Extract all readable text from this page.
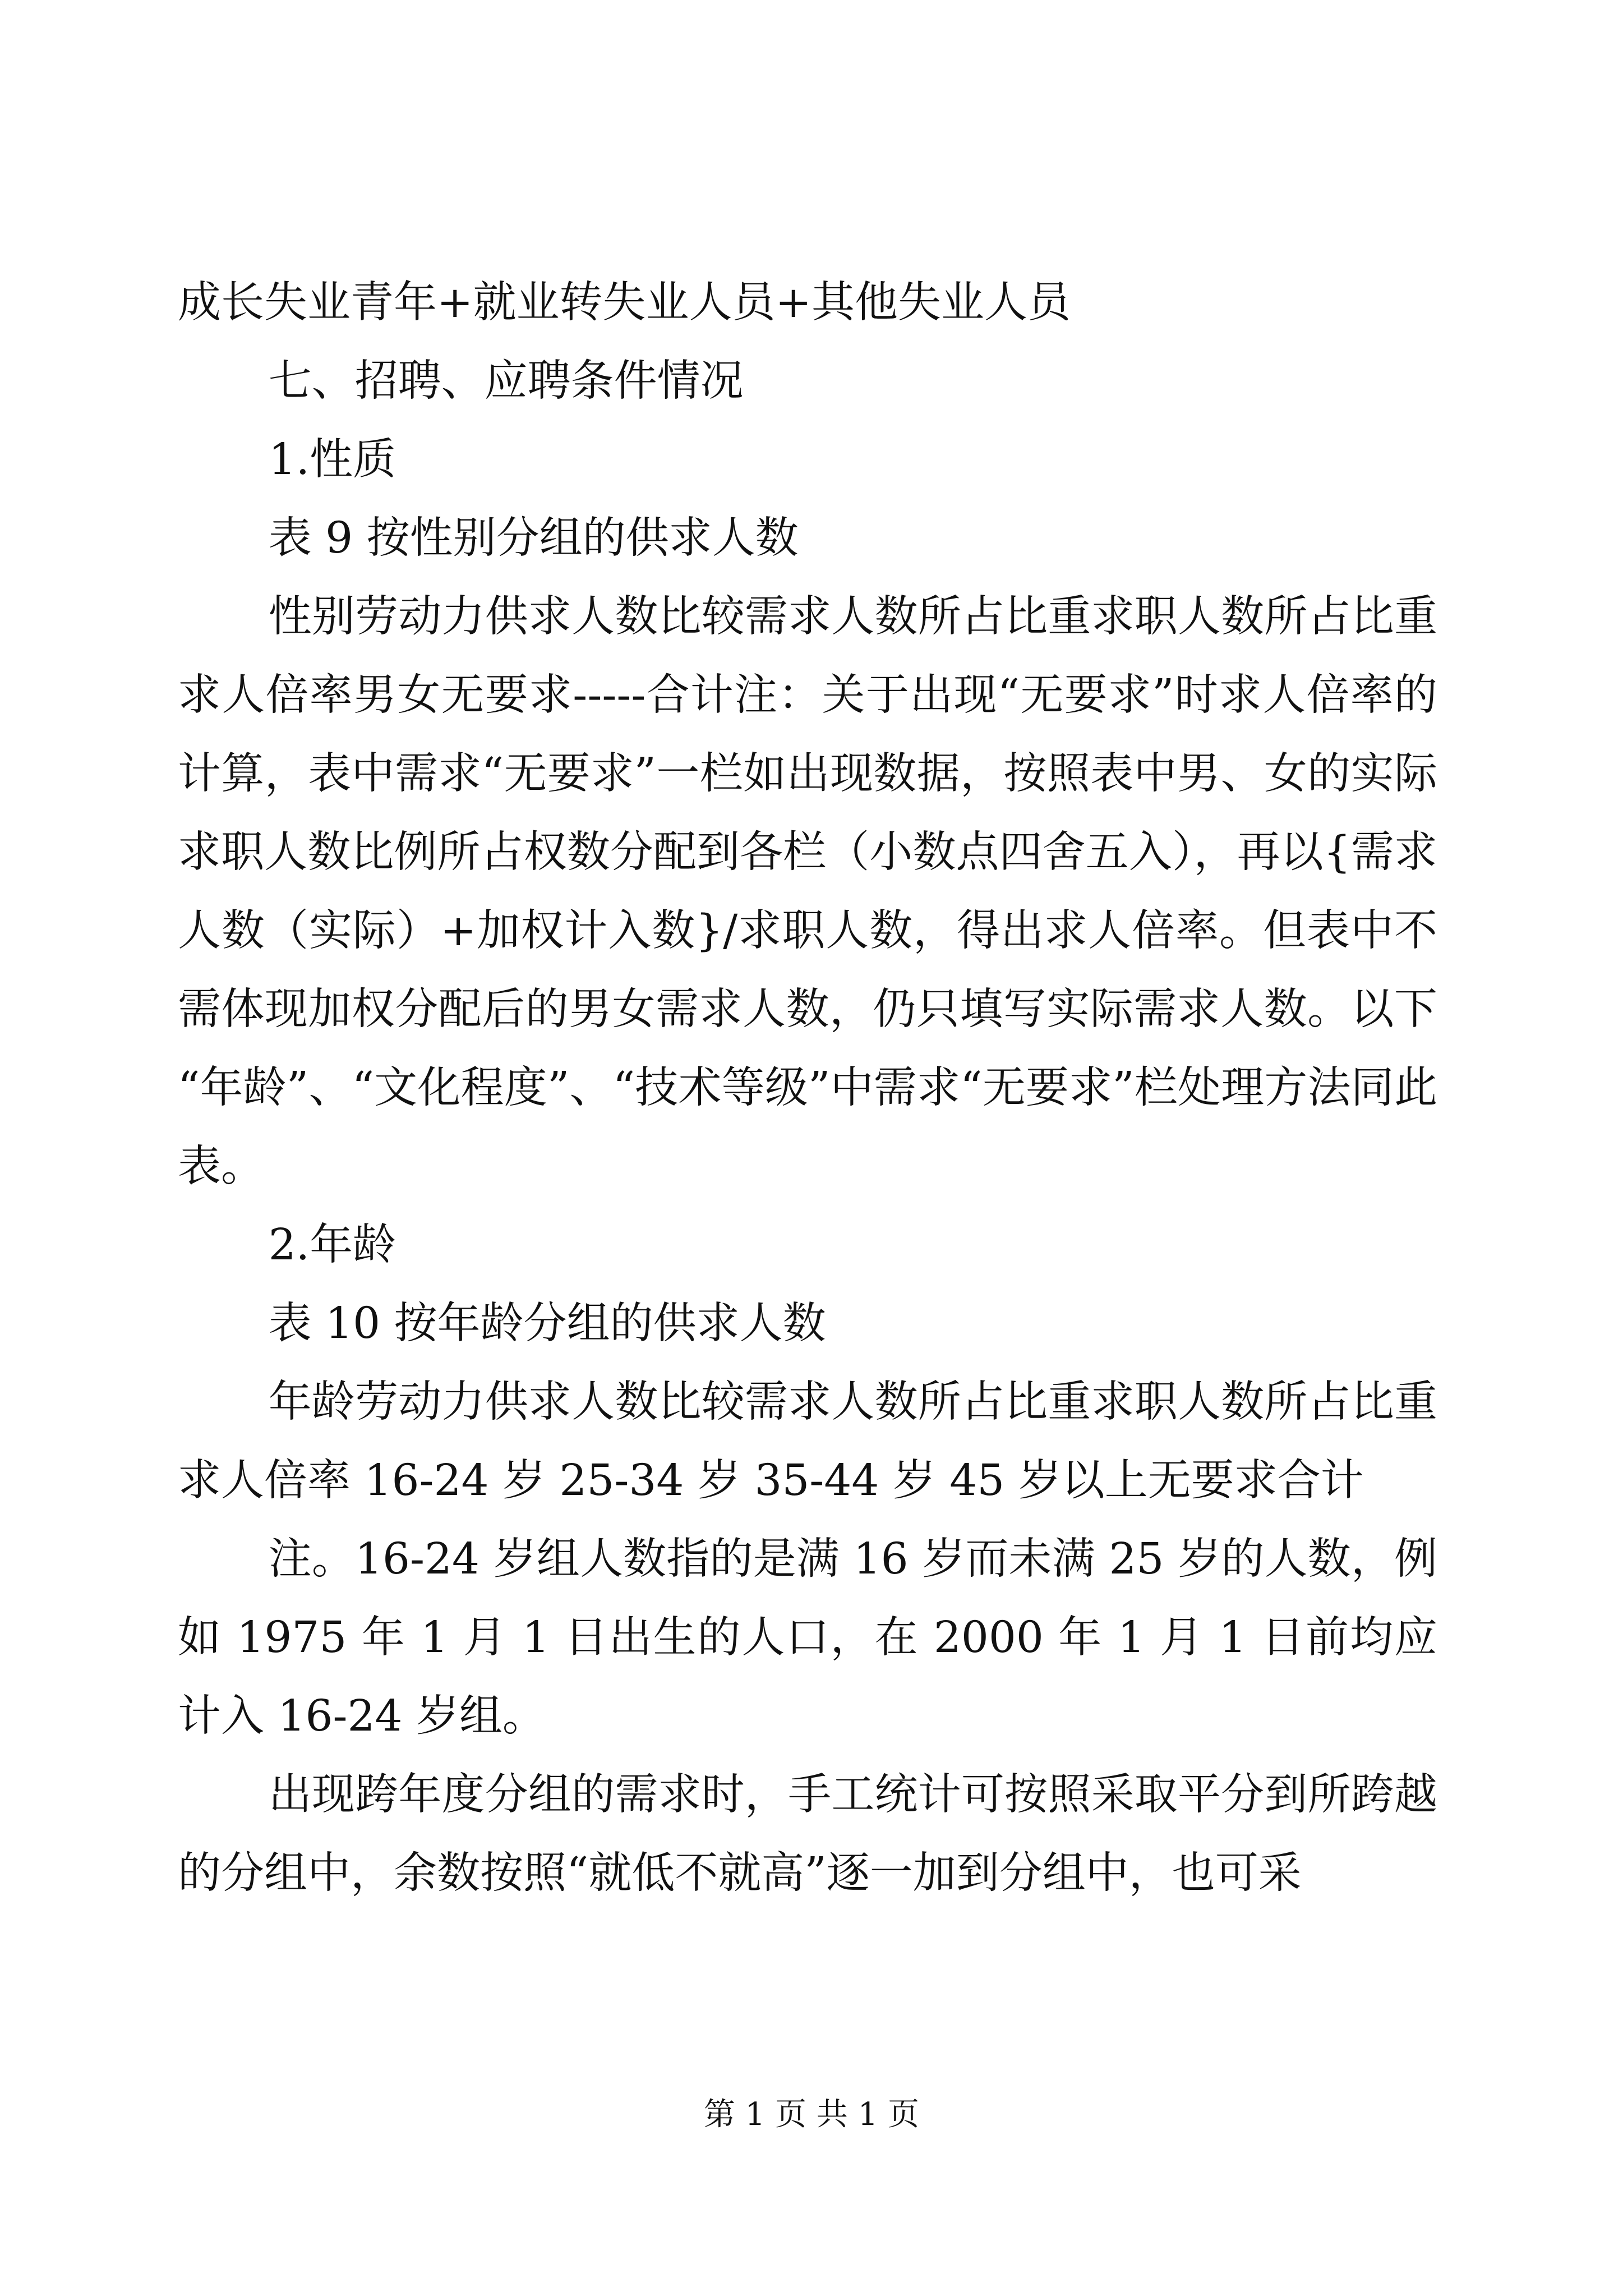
成长失业青年+就业转失业人员+其他失业人员

七、招聘、应聘条件情况

1.性质

表 9 按性别分组的供求人数

性别劳动力供求人数比较需求人数所占比重求职人数所占比重求人倍率男女无要求-----合计注：关于出现“无要求”时求人倍率的计算，表中需求“无要求”一栏如出现数据，按照表中男、女的实际求职人数比例所占权数分配到各栏（小数点四舍五入），再以{需求人数（实际）+加权计入数}/求职人数，得出求人倍率。但表中不需体现加权分配后的男女需求人数，仍只填写实际需求人数。以下“年龄”、“文化程度”、“技术等级”中需求“无要求”栏处理方法同此表。

2.年龄

表 10 按年龄分组的供求人数

年龄劳动力供求人数比较需求人数所占比重求职人数所占比重求人倍率 16-24 岁 25-34 岁 35-44 岁 45 岁以上无要求合计

注。16-24 岁组人数指的是满 16 岁而未满 25 岁的人数，例如 1975 年 1 月 1 日出生的人口，在 2000 年 1 月 1 日前均应计入 16-24 岁组。

出现跨年度分组的需求时，手工统计可按照采取平分到所跨越的分组中，余数按照“就低不就高”逐一加到分组中，也可采

第 1 页 共 1 页
